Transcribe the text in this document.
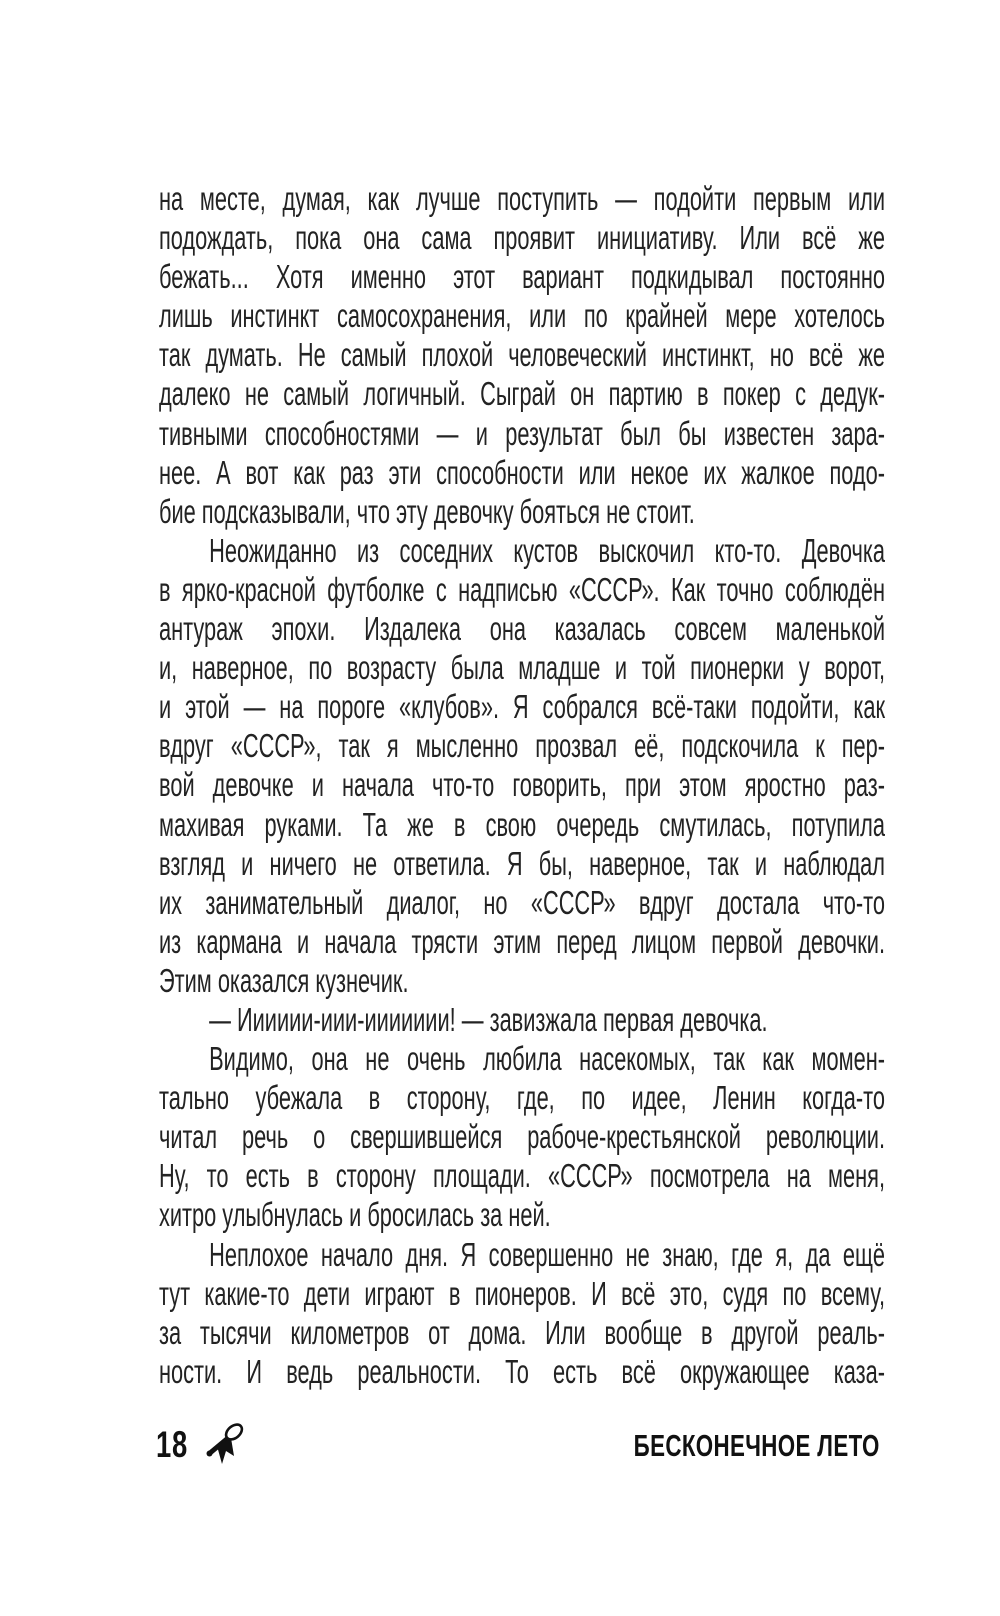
на месте, думая, как лучше поступить — подойти первым или
подождать, пока она сама проявит инициативу. Или всё же
бежать... Хотя именно этот вариант подкидывал постоянно
лишь инстинкт самосохранения, или по крайней мере хотелось
так думать. Не самый плохой человеческий инстинкт, но всё же
далеко не самый логичный. Сыграй он партию в покер с дедук-
тивными способностями — и результат был бы известен зара-
нее. А вот как раз эти способности или некое их жалкое подо-
бие подсказывали, что эту девочку бояться не стоит.

Неожиданно из соседних кустов выскочил кто-то. Девочка
в ярко-красной футболке с надписью «СССР». Как точно соблюдён
антураж эпохи. Издалека она казалась совсем маленькой
и, наверное, по возрасту была младше и той пионерки у ворот,
и этой — на пороге «клубов». Я собрался всё-таки подойти, как
вдруг «СССР», так я мысленно прозвал её, подскочила к пер-
вой девочке и начала что-то говорить, при этом яростно раз-
махивая руками. Та же в свою очередь смутилась, потупила
взгляд и ничего не ответила. Я бы, наверное, так и наблюдал
их занимательный диалог, но «СССР» вдруг достала что-то
из кармана и начала трясти этим перед лицом первой девочки.
Этим оказался кузнечик.

— Ииииии-иии-иииииии! — завизжала первая девочка.

Видимо, она не очень любила насекомых, так как момен-
тально убежала в сторону, где, по идее, Ленин когда-то
читал речь о свершившейся рабоче-крестьянской революции.
Ну, то есть в сторону площади. «СССР» посмотрела на меня,
хитро улыбнулась и бросилась за ней.

Неплохое начало дня. Я совершенно не знаю, где я, да ещё
тут какие-то дети играют в пионеров. И всё это, судя по всему,
за тысячи километров от дома. Или вообще в другой реаль-
ности. И ведь реальности. То есть всё окружающее каза-

18	БЕСКОНЕЧНОЕ ЛЕТО
